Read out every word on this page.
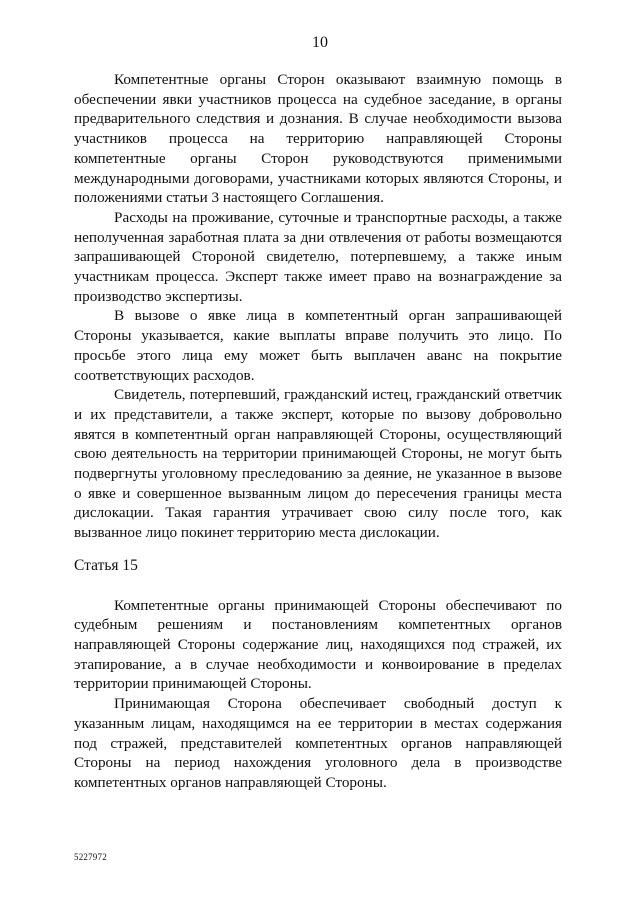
10

Компетентные органы Сторон оказывают взаимную помощь в обеспечении явки участников процесса на судебное заседание, в органы предварительного следствия и дознания. В случае необходимости вызова участников процесса на территорию направляющей Стороны компетентные органы Сторон руководствуются применимыми международными договорами, участниками которых являются Стороны, и положениями статьи 3 настоящего Соглашения.

Расходы на проживание, суточные и транспортные расходы, а также неполученная заработная плата за дни отвлечения от работы возмещаются запрашивающей Стороной свидетелю, потерпевшему, а также иным участникам процесса. Эксперт также имеет право на вознаграждение за производство экспертизы.

В вызове о явке лица в компетентный орган запрашивающей Стороны указывается, какие выплаты вправе получить это лицо. По просьбе этого лица ему может быть выплачен аванс на покрытие соответствующих расходов.

Свидетель, потерпевший, гражданский истец, гражданский ответчик и их представители, а также эксперт, которые по вызову добровольно явятся в компетентный орган направляющей Стороны, осуществляющий свою деятельность на территории принимающей Стороны, не могут быть подвергнуты уголовному преследованию за деяние, не указанное в вызове о явке и совершенное вызванным лицом до пересечения границы места дислокации. Такая гарантия утрачивает свою силу после того, как вызванное лицо покинет территорию места дислокации.

Статья 15

Компетентные органы принимающей Стороны обеспечивают по судебным решениям и постановлениям компетентных органов направляющей Стороны содержание лиц, находящихся под стражей, их этапирование, а в случае необходимости и конвоирование в пределах территории принимающей Стороны.

Принимающая Сторона обеспечивает свободный доступ к указанным лицам, находящимся на ее территории в местах содержания под стражей, представителей компетентных органов направляющей Стороны на период нахождения уголовного дела в производстве компетентных органов направляющей Стороны.

5227972
